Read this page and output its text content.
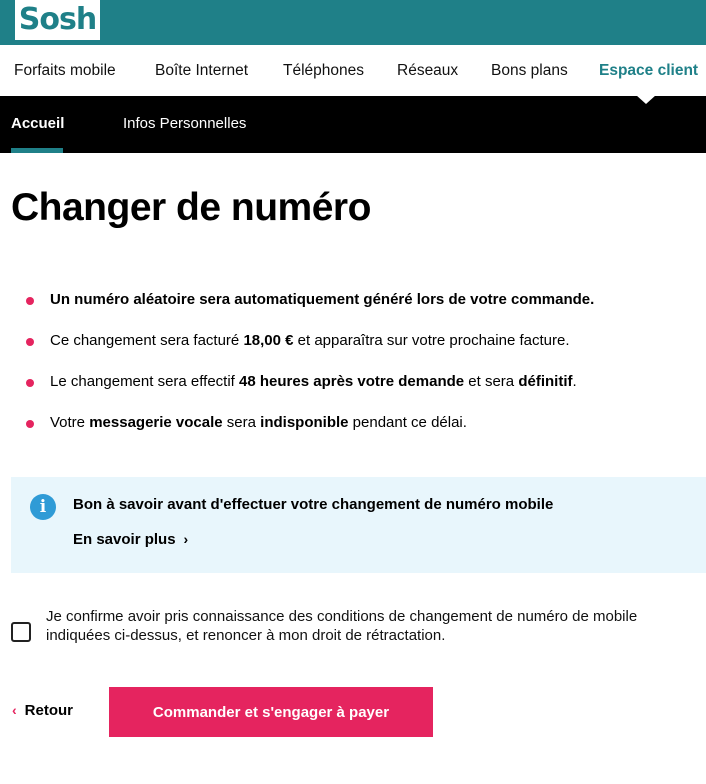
Sosh
Forfaits mobile	Boîte Internet Téléphones Réseaux Bons plans Espace client
Accueil	Infos Personnelles
Changer de numéro
Un numéro aléatoire sera automatiquement généré lors de votre commande.
Ce changement sera facturé 18,00 € et apparaîtra sur votre prochaine facture.
Le changement sera effectif 48 heures après votre demande et sera définitif.
Votre messagerie vocale sera indisponible pendant ce délai.
i	Bon à savoir avant d'effectuer votre changement de numéro mobile
En savoir plus ›
Je confirme avoir pris connaissance des conditions de changement de numéro de mobile indiquées ci-dessus, et renoncer à mon droit de rétractation.
‹ Retour	Commander et s'engager à payer
